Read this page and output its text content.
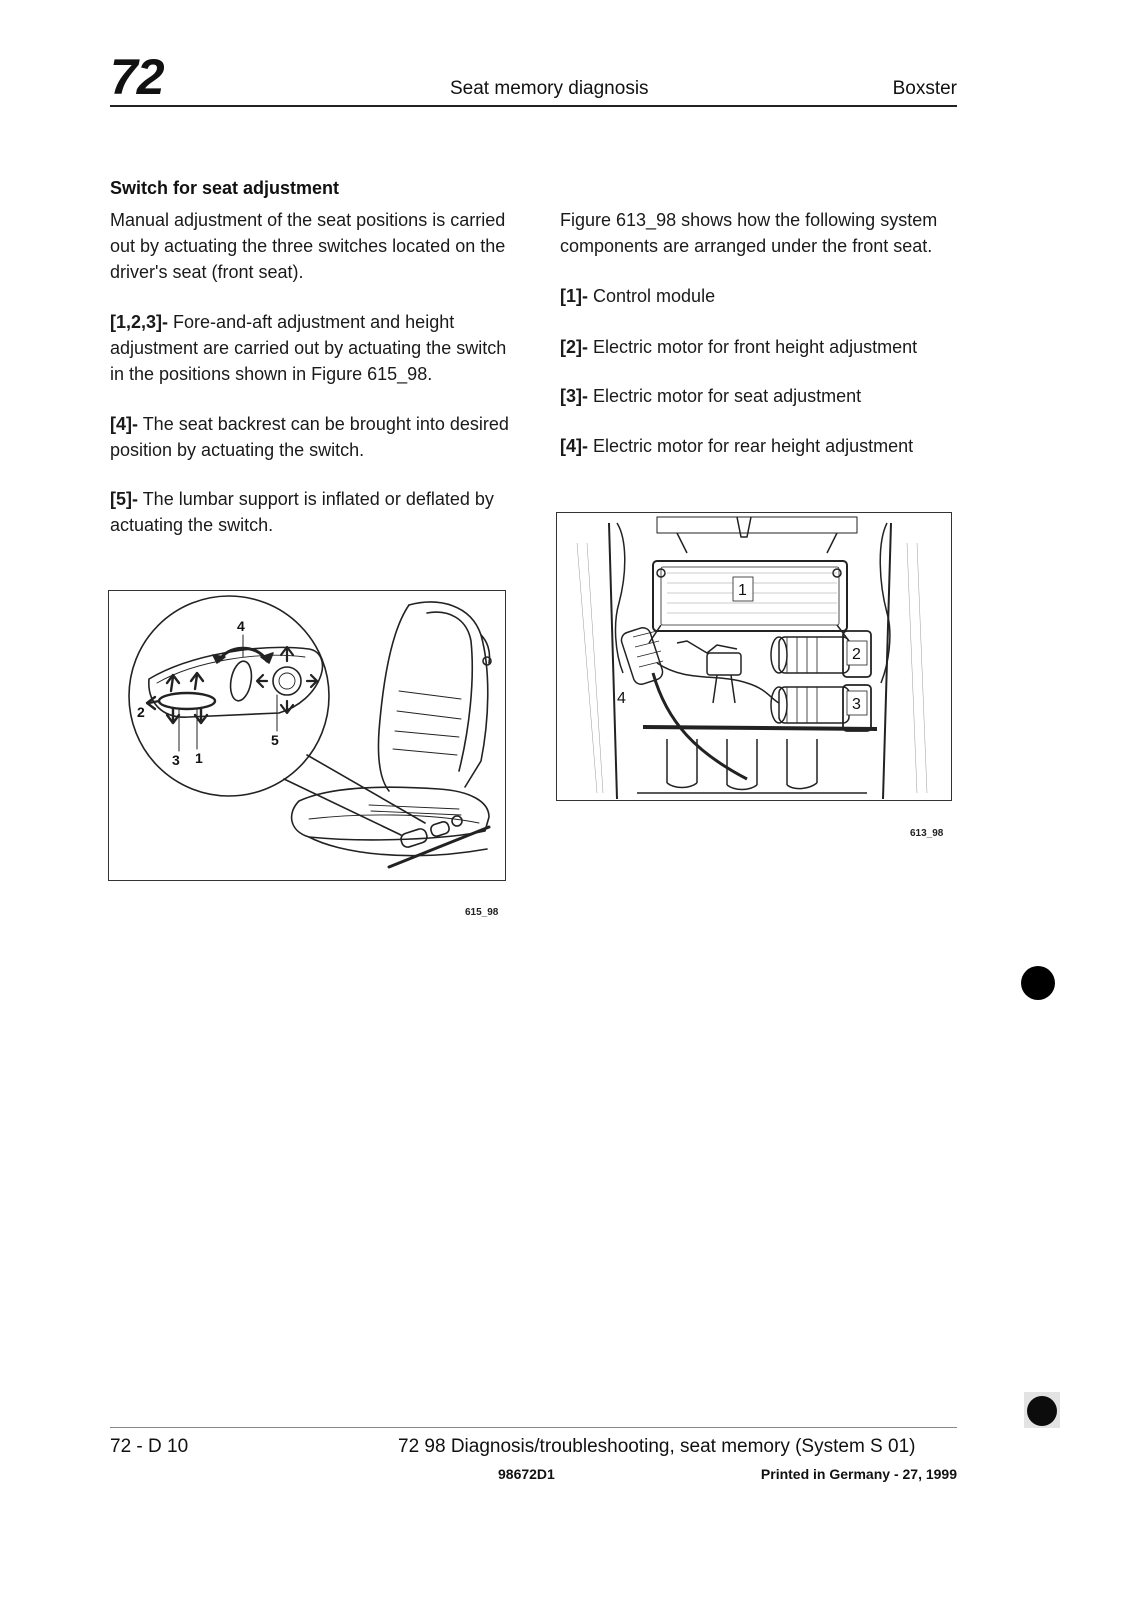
72	Seat memory diagnosis	Boxster
Switch for seat adjustment
Manual adjustment of the seat positions is carried out by actuating the three switches located on the driver's seat (front seat).
[1,2,3]- Fore-and-aft adjustment and height adjustment are carried out by actuating the switch in the positions shown in Figure 615_98.
[4]- The seat backrest can be brought into desired position by actuating the switch.
[5]- The lumbar support is inflated or deflated by actuating the switch.
Figure 613_98 shows how the following system components are arranged under the front seat.
[1]- Control module
[2]- Electric motor for front height adjustment
[3]- Electric motor for seat adjustment
[4]- Electric motor for rear height adjustment
4
2
3 1
5
615_98
1
2
3
4
613_98
72 - D 10	72 98 Diagnosis/troubleshooting, seat memory (System S 01)
98672D1	Printed in Germany - 27, 1999
